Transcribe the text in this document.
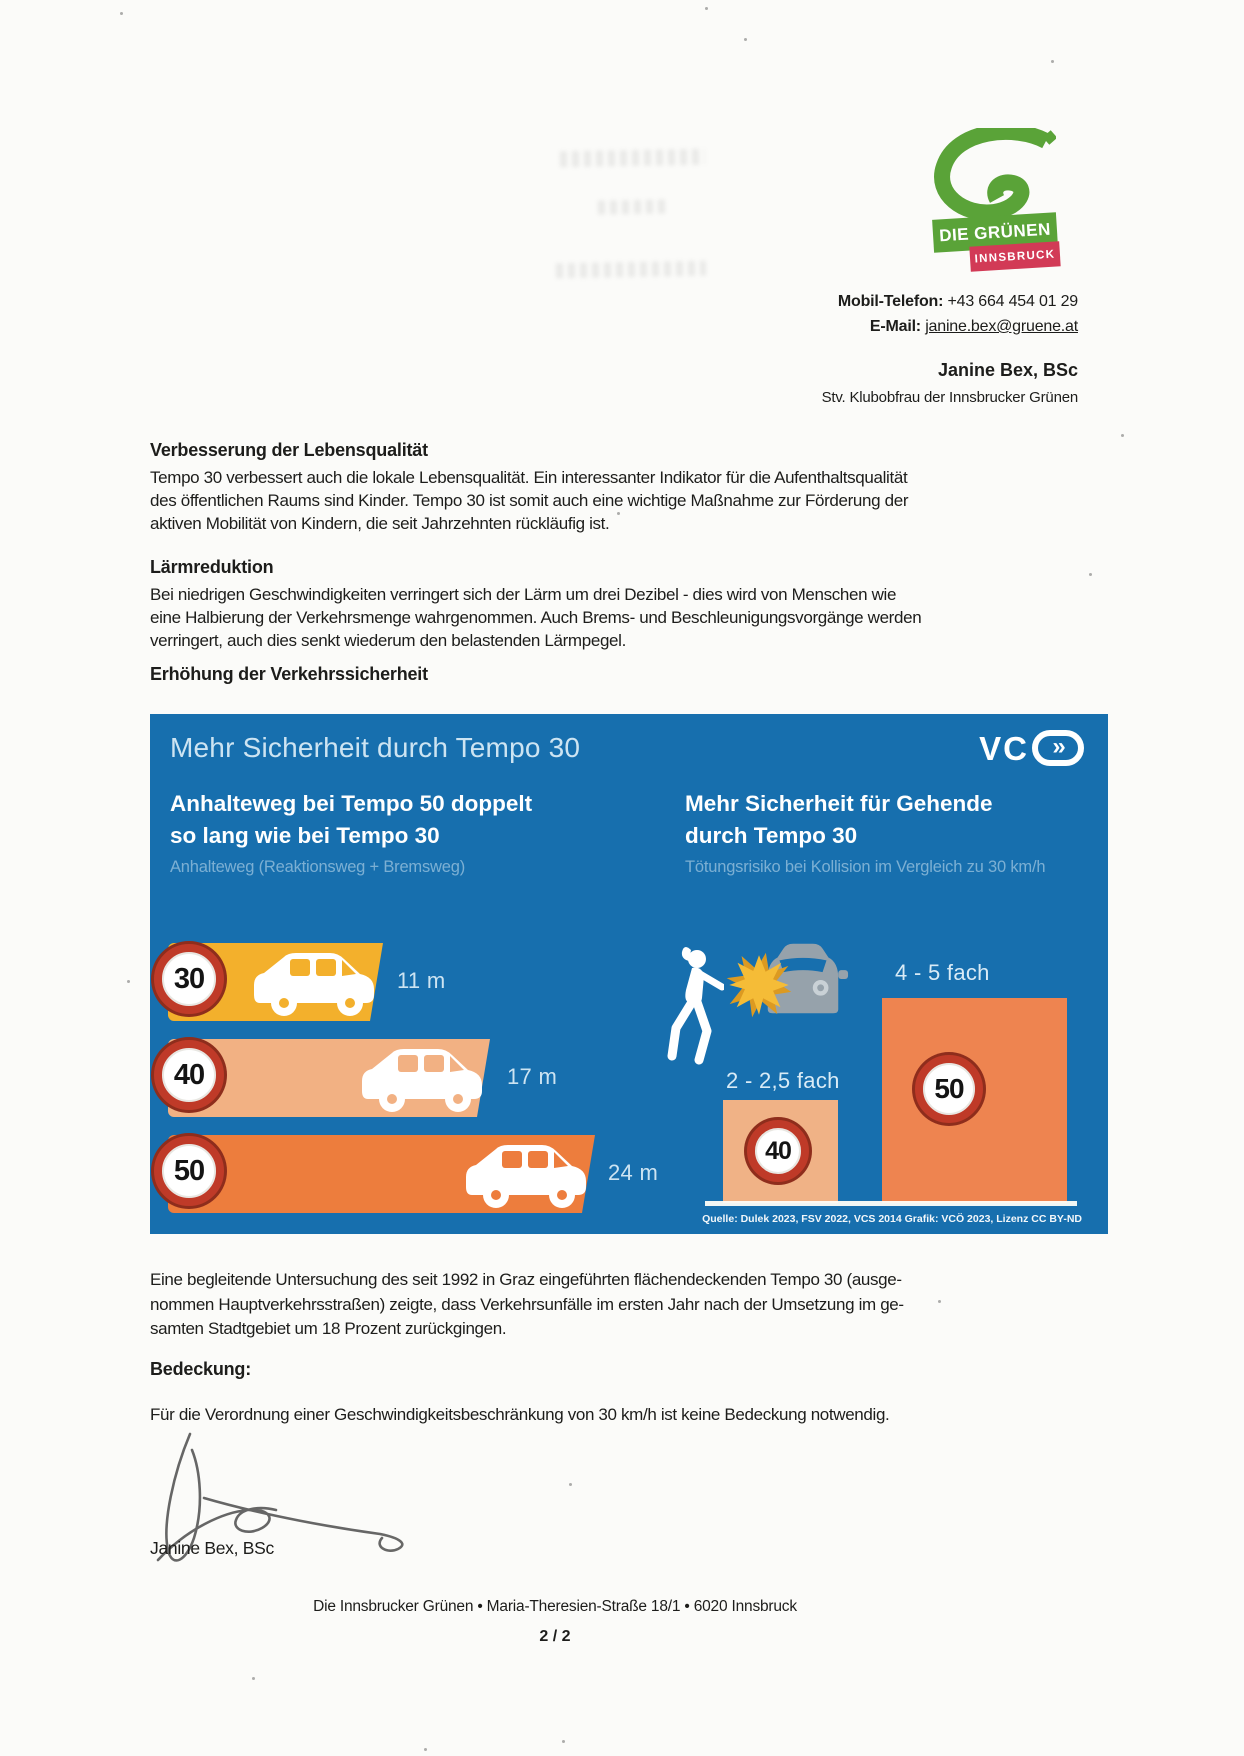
DIE GRÜNEN
INNSBRUCK
Mobil-Telefon: +43 664 454 01 29
E-Mail: janine.bex@gruene.at
Janine Bex, BSc
Stv. Klubobfrau der Innsbrucker Grünen
Verbesserung der Lebensqualität
Tempo 30 verbessert auch die lokale Lebensqualität. Ein interessanter Indikator für die Aufenthaltsqualität
des öffentlichen Raums sind Kinder. Tempo 30 ist somit auch eine wichtige Maßnahme zur Förderung der
aktiven Mobilität von Kindern, die seit Jahrzehnten rückläufig ist.
Lärmreduktion
Bei niedrigen Geschwindigkeiten verringert sich der Lärm um drei Dezibel - dies wird von Menschen wie
eine Halbierung der Verkehrsmenge wahrgenommen. Auch Brems- und Beschleunigungsvorgänge werden
verringert, auch dies senkt wiederum den belastenden Lärmpegel.
Erhöhung der Verkehrssicherheit
Mehr Sicherheit durch Tempo 30	VC »
Anhalteweg bei Tempo 50 doppelt
so lang wie bei Tempo 30
Mehr Sicherheit für Gehende
durch Tempo 30
Anhalteweg (Reaktionsweg + Bremsweg)	Tötungsrisiko bei Kollision im Vergleich zu 30 km/h
30
40
50
11 m
17 m
24 m
4 - 5 fach
50
2 - 2,5 fach
40
Quelle: Dulek 2023, FSV 2022, VCS 2014 Grafik: VCÖ 2023, Lizenz CC BY-ND
Eine begleitende Untersuchung des seit 1992 in Graz eingeführten flächendeckenden Tempo 30 (ausge-
nommen Hauptverkehrsstraßen) zeigte, dass Verkehrsunfälle im ersten Jahr nach der Umsetzung im ge-
samten Stadtgebiet um 18 Prozent zurückgingen.
Bedeckung:
Für die Verordnung einer Geschwindigkeitsbeschränkung von 30 km/h ist keine Bedeckung notwendig.
Janine Bex, BSc
Die Innsbrucker Grünen • Maria-Theresien-Straße 18/1 • 6020 Innsbruck
2 / 2
